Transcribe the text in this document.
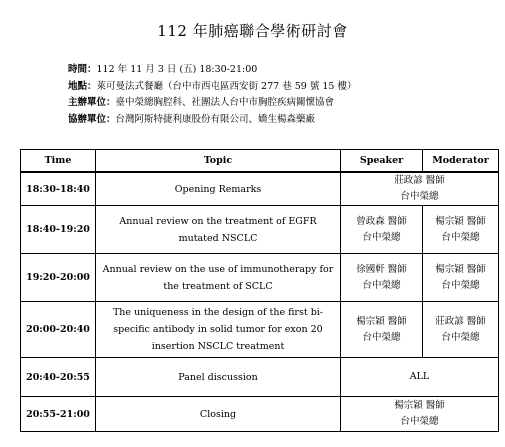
112 年肺癌聯合學術研討會
時間：112 年 11 月 3 日 (五) 18:30-21:00
地點：萊可曼法式餐廳（台中市西屯區西安街 277 巷 59 號 15 樓）
主辦單位：臺中榮總胸腔科、社團法人台中市胸腔疾病關懷協會
協辦單位：台灣阿斯特捷利康股份有限公司、嬌生楊森藥廠
Time	Topic	Speaker	Moderator
18:30-18:40	Opening Remarks	莊政諺 醫師
台中榮總	

18:40-19:20	Annual review on the treatment of EGFR mutated NSCLC	曾政森 醫師
台中榮總	楊宗穎 醫師
台中榮總

19:20-20:00	Annual review on the use of immunotherapy for the treatment of SCLC	徐國軒 醫師
台中榮總	楊宗穎 醫師
台中榮總

20:00-20:40	The uniqueness in the design of the first bi-specific antibody in solid tumor for exon 20 insertion NSCLC treatment	楊宗穎 醫師
台中榮總	莊政諺 醫師
台中榮總

20:40-20:55	Panel discussion	ALL	

20:55-21:00	Closing	楊宗穎 醫師
台中榮總	
